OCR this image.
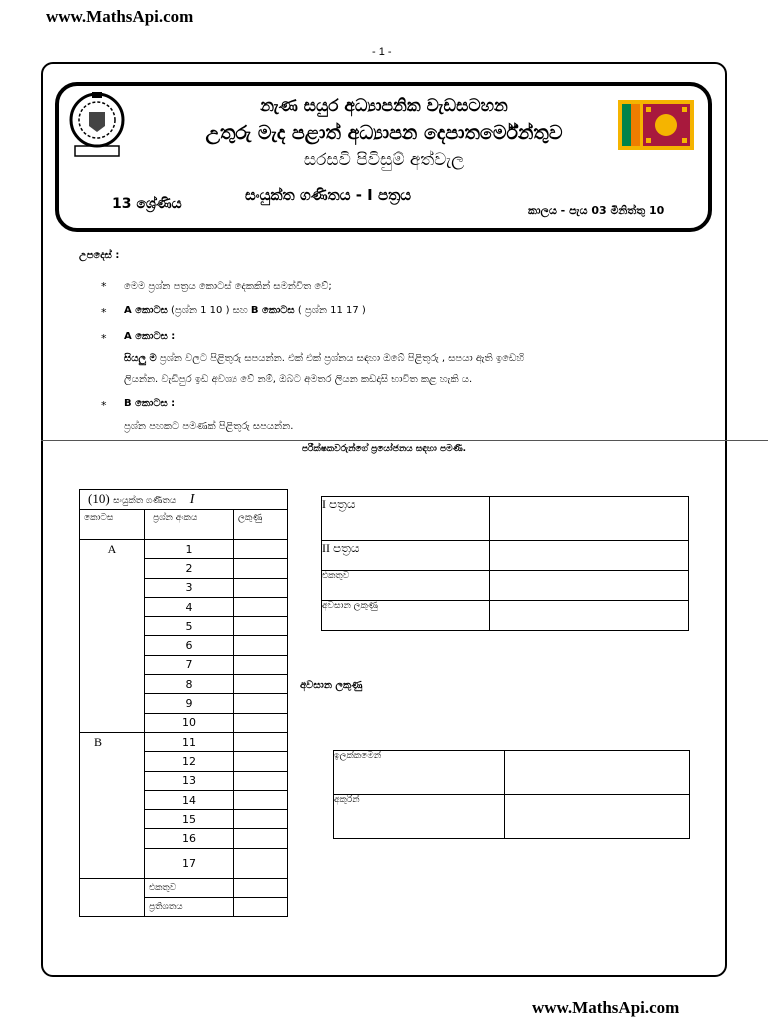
www.MathsApi.com
- 1 -
නැණ සයුර අධ්‍යාපනික වැඩසටහන
උතුරු මැද පළාත් අධ්‍යාපන දෙපාතර්මේන්තුව
සරසවි පිවිසුම් අත්වැල
13 ශ්‍රේණිය	සංයුක්ත ගණිතය - I පත්‍රය
කාලය - පැය 03 මිනිත්තු 10
උපදෙස් :
* මෙම ප්‍රශ්න පත්‍රය කොටස් දෙකකින් සමන්විත වේ;
* A කොටස (ප්‍රශ්න 1 10 ) සහ B කොටස ( ප්‍රශ්න 11 17 )
* A කොටස :
සියලු ම ප්‍රශ්න වලට පිළිතුරු සපයන්න. එක් එක් ප්‍රශ්නය සඳහා ඔබේ පිළිතුරු , සපයා ඇති ඉඩෙහි
ලියන්න. වැඩිපුර ඉඩ අවශ්‍ය වේ නම්, ඔබට අමතර ලියන කඩදාසි භාවිත කළ හැකි ය.
* B කොටස :
ප්‍රශ්න පහකට පමණක් පිළිතුරු සපයන්න.
පරීක්ෂකවරුන්ගේ ප්‍රයෝජනය සඳහා පමණි.
(10) සංයුක්ත ගණිතය I		
කොටස	ප්‍රශ්න අංකය	ලකුණු
A	1	
	2	
	3	
	4	
	5	
	6	
	7	
	8	
	9	
	10	
B	11	
	12	
	13	
	14	
	15	
	16	
	17	
	එකතුව	
	ප්‍රතිශතය	
I පත්‍රය	
II පත්‍රය	
එකතුව	
අවසාන ලකුණු	
අවසාන ලකුණු
ඉලක්කමෙන්	
අකුරින්	
www.MathsApi.com
